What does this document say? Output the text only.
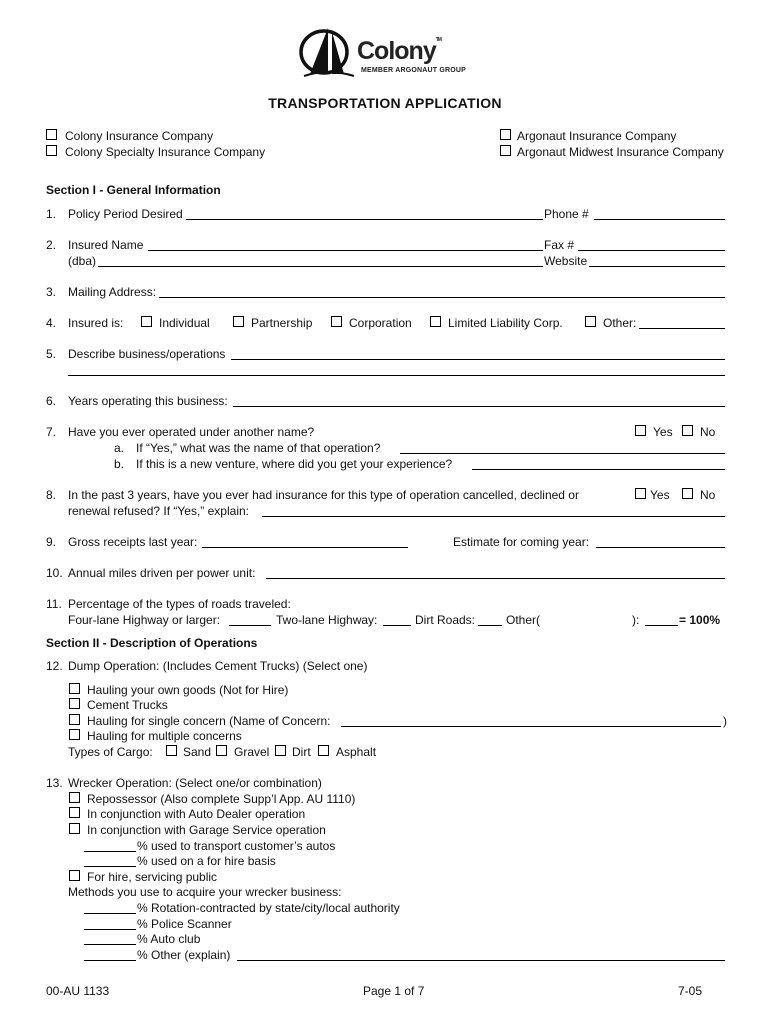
Colony™
MEMBER ARGONAUT GROUP
TRANSPORTATION APPLICATION
Colony Insurance Company
Colony Specialty Insurance Company
Argonaut Insurance Company
Argonaut Midwest Insurance Company
Section I - General Information
1. Policy Period Desired	Phone #
2. Insured Name	Fax #
(dba)	Website
3. Mailing Address:
4. Insured is:	Individual	Partnership	Corporation	Limited Liability Corp.	Other:
5. Describe business/operations
6. Years operating this business:
7. Have you ever operated under another name?	Yes No
a. If “Yes,” what was the name of that operation?
b. If this is a new venture, where did you get your experience?
8. In the past 3 years, have you ever had insurance for this type of operation cancelled, declined or	Yes	No
renewal refused? If “Yes,” explain:
9. Gross receipts last year:	Estimate for coming year:
10. Annual miles driven per power unit:
11. Percentage of the types of roads traveled:
Four-lane Highway or larger:	Two-lane Highway:	Dirt Roads:	Other(	):	= 100%
Section II - Description of Operations
12. Dump Operation: (Includes Cement Trucks) (Select one)
Hauling your own goods (Not for Hire)
Cement Trucks
Hauling for single concern (Name of Concern:	)
Hauling for multiple concerns
Types of Cargo:	Sand Gravel Dirt Asphalt
13. Wrecker Operation: (Select one/or combination)
Repossessor (Also complete Supp’l App. AU 1110)
In conjunction with Auto Dealer operation
In conjunction with Garage Service operation
% used to transport customer’s autos
% used on a for hire basis
For hire, servicing public
Methods you use to acquire your wrecker business:
% Rotation-contracted by state/city/local authority
% Police Scanner
% Auto club
% Other (explain)
00-AU 1133	Page 1 of 7	7-05
